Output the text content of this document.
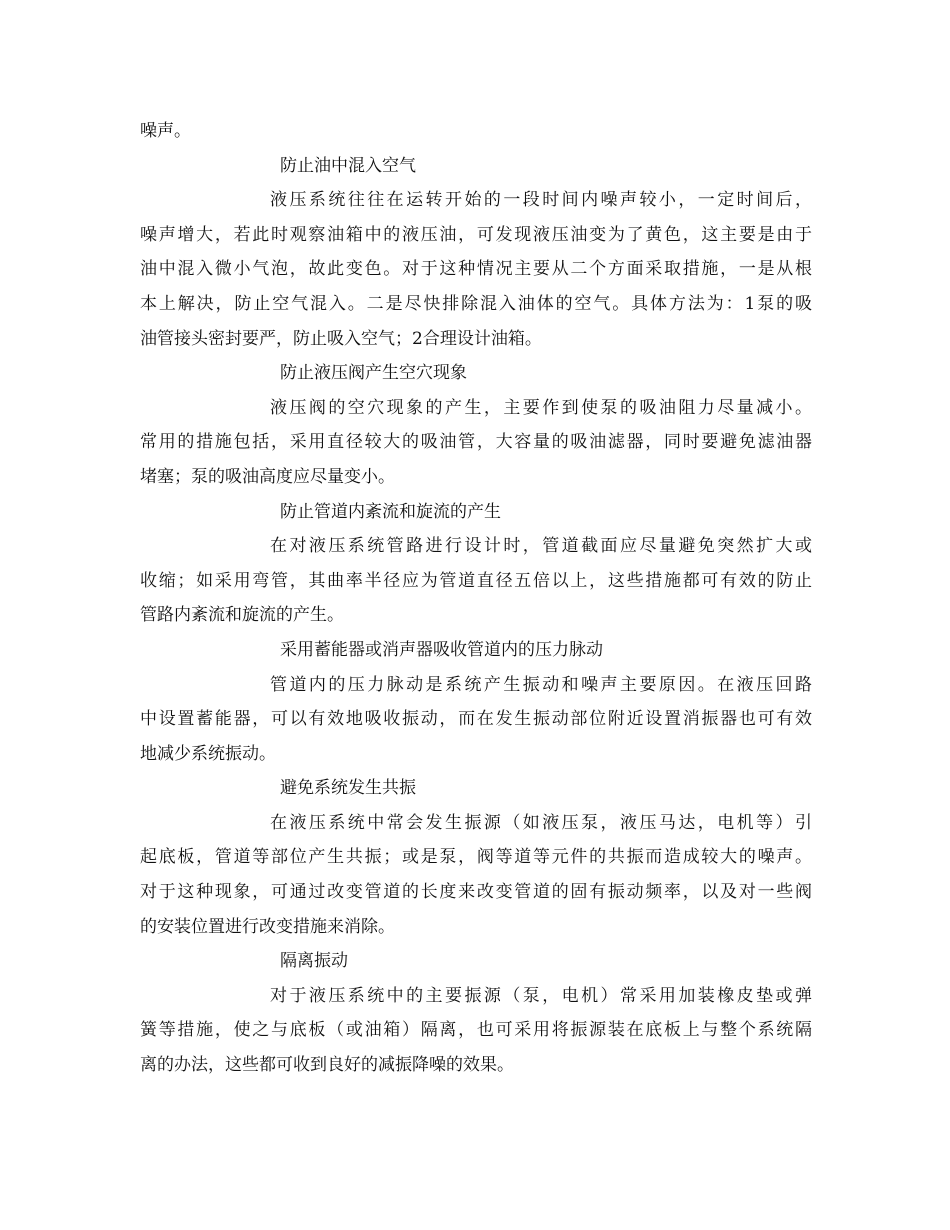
噪声。
防止油中混入空气
液压系统往往在运转开始的一段时间内噪声较小，一定时间后，
噪声增大，若此时观察油箱中的液压油，可发现液压油变为了黄色，这主要是由于
油中混入微小气泡，故此变色。对于这种情况主要从二个方面采取措施，一是从根
本上解决，防止空气混入。二是尽快排除混入油体的空气。具体方法为：1泵的吸
油管接头密封要严，防止吸入空气；2合理设计油箱。
防止液压阀产生空穴现象
液压阀的空穴现象的产生，主要作到使泵的吸油阻力尽量减小。
常用的措施包括，采用直径较大的吸油管，大容量的吸油滤器，同时要避免滤油器
堵塞；泵的吸油高度应尽量变小。
防止管道内紊流和旋流的产生
在对液压系统管路进行设计时，管道截面应尽量避免突然扩大或
收缩；如采用弯管，其曲率半径应为管道直径五倍以上，这些措施都可有效的防止
管路内紊流和旋流的产生。
采用蓄能器或消声器吸收管道内的压力脉动
管道内的压力脉动是系统产生振动和噪声主要原因。在液压回路
中设置蓄能器，可以有效地吸收振动，而在发生振动部位附近设置消振器也可有效
地减少系统振动。
避免系统发生共振
在液压系统中常会发生振源（如液压泵，液压马达，电机等）引
起底板，管道等部位产生共振；或是泵，阀等道等元件的共振而造成较大的噪声。
对于这种现象，可通过改变管道的长度来改变管道的固有振动频率，以及对一些阀
的安装位置进行改变措施来消除。
隔离振动
对于液压系统中的主要振源（泵，电机）常采用加装橡皮垫或弹
簧等措施，使之与底板（或油箱）隔离，也可采用将振源装在底板上与整个系统隔
离的办法，这些都可收到良好的减振降噪的效果。
